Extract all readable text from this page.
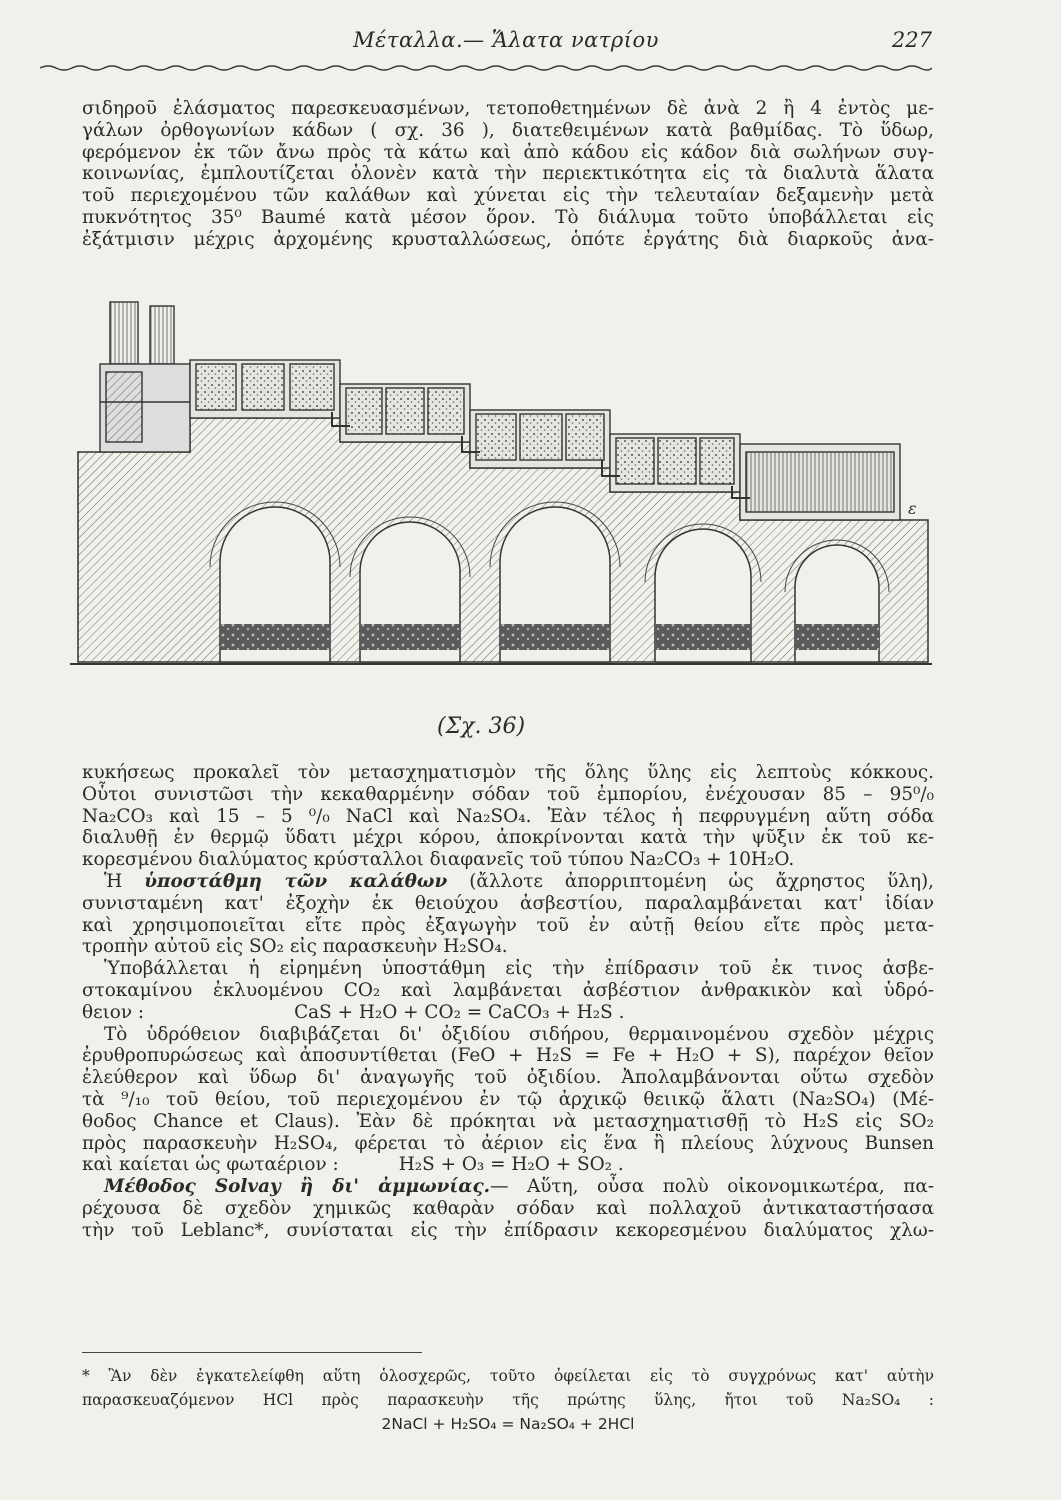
Μέταλλα.— Ἅλατα νατρίου	227
σιδηροῦ ἐλάσματος παρεσκευασμένων, τετοποθετημένων δὲ ἀνὰ 2 ἢ 4 ἐντὸς με-
γάλων ὀρθογωνίων κάδων ( σχ. 36 ), διατεθειμένων κατὰ βαθμίδας. Τὸ ὕδωρ,
φερόμενον ἐκ τῶν ἄνω πρὸς τὰ κάτω καὶ ἀπὸ κάδου εἰς κάδον διὰ σωλήνων συγ-
κοινωνίας, ἐμπλουτίζεται ὁλονὲν κατὰ τὴν περιεκτικότητα εἰς τὰ διαλυτὰ ἅλατα
τοῦ περιεχομένου τῶν καλάθων καὶ χύνεται εἰς τὴν τελευταίαν δεξαμενὴν μετὰ
πυκνότητος 35⁰ Baumé κατὰ μέσον ὅρον. Τὸ διάλυμα τοῦτο ὑποβάλλεται εἰς
ἐξάτμισιν μέχρις ἀρχομένης κρυσταλλώσεως, ὁπότε ἐργάτης διὰ διαρκοῦς ἀνα-
ε
(Σχ. 36)
κυκήσεως προκαλεῖ τὸν μετασχηματισμὸν τῆς ὅλης ὕλης εἰς λεπτοὺς κόκκους.
Οὗτοι συνιστῶσι τὴν κεκαθαρμένην σόδαν τοῦ ἐμπορίου, ἐνέχουσαν 85 – 95⁰/₀
Na₂CO₃ καὶ 15 – 5 ⁰/₀ NaCl καὶ Na₂SO₄. Ἐὰν τέλος ἡ πεφρυγμένη αὕτη σόδα
διαλυθῇ ἐν θερμῷ ὕδατι μέχρι κόρου, ἀποκρίνονται κατὰ τὴν ψῦξιν ἐκ τοῦ κε-
κορεσμένου διαλύματος κρύσταλλοι διαφανεῖς τοῦ τύπου Na₂CO₃ + 10H₂O.
Ἡ ὑποστάθμη τῶν καλάθων (ἄλλοτε ἀπορριπτομένη ὡς ἄχρηστος ὕλη),
συνισταμένη κατ' ἐξοχὴν ἐκ θειούχου ἀσβεστίου, παραλαμβάνεται κατ' ἰδίαν
καὶ χρησιμοποιεῖται εἴτε πρὸς ἐξαγωγὴν τοῦ ἐν αὐτῇ θείου εἴτε πρὸς μετα-
τροπὴν αὐτοῦ εἰς SO₂ εἰς παρασκευὴν H₂SO₄.
Ὑποβάλλεται ἡ εἰρημένη ὑποστάθμη εἰς τὴν ἐπίδρασιν τοῦ ἐκ τινος ἀσβε-
στοκαμίνου ἐκλυομένου CO₂ καὶ λαμβάνεται ἀσβέστιον ἀνθρακικὸν καὶ ὑδρό-
θειον :	CaS + H₂O + CO₂ = CaCO₃ + H₂S .
Τὸ ὑδρόθειον διαβιβάζεται δι' ὀξιδίου σιδήρου, θερμαινομένου σχεδὸν μέχρις
ἐρυθροπυρώσεως καὶ ἀποσυντίθεται (FeO + H₂S = Fe + H₂O + S), παρέχον θεῖον
ἐλεύθερον καὶ ὕδωρ δι' ἀναγωγῆς τοῦ ὀξιδίου. Ἀπολαμβάνονται οὕτω σχεδὸν
τὰ ⁹/₁₀ τοῦ θείου, τοῦ περιεχομένου ἐν τῷ ἀρχικῷ θειικῷ ἅλατι (Na₂SO₄) (Μέ-
θοδος Chance et Claus). Ἐὰν δὲ πρόκηται νὰ μετασχηματισθῇ τὸ H₂S εἰς SO₂
πρὸς παρασκευὴν H₂SO₄, φέρεται τὸ ἀέριον εἰς ἕνα ἢ πλείους λύχνους Bunsen
καὶ καίεται ὡς φωταέριον :	H₂S + O₃ = H₂O + SO₂ .
Μέθοδος Solvay ἢ δι' ἀμμωνίας.— Αὕτη, οὖσα πολὺ οἰκονομικωτέρα, πα-
ρέχουσα δὲ σχεδὸν χημικῶς καθαρὰν σόδαν καὶ πολλαχοῦ ἀντικαταστήσασα
τὴν τοῦ Leblanc*, συνίσταται εἰς τὴν ἐπίδρασιν κεκορεσμένου διαλύματος χλω-
* Ἂν δὲν ἐγκατελείφθη αὕτη ὁλοσχερῶς, τοῦτο ὀφείλεται εἰς τὸ συγχρόνως κατ' αὐτὴν
παρασκευαζόμενον HCl πρὸς παρασκευὴν τῆς πρώτης ὕλης, ἤτοι τοῦ Na₂SO₄ :
2NaCl + H₂SO₄ = Na₂SO₄ + 2HCl
